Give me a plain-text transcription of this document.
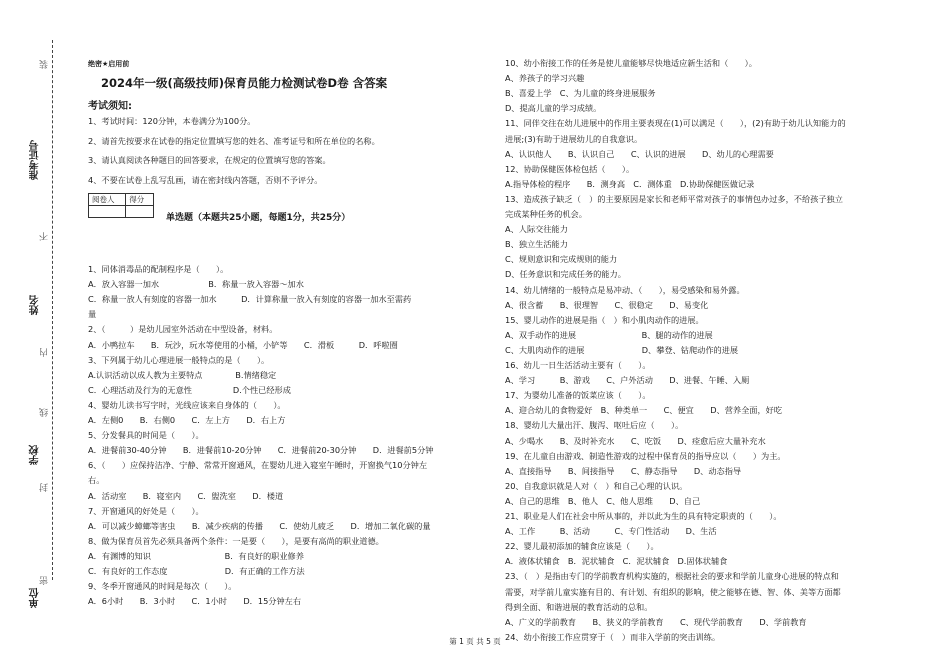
准考证号
姓名
学校
单位
装
不
内
线
封
密
绝密★启用前
2024年一级(高级技师)保育员能力检测试卷D卷 含答案
考试须知:
1、考试时间：120分钟，本卷满分为100分。
2、请首先按要求在试卷的指定位置填写您的姓名、准考证号和所在单位的名称。
3、请认真阅读各种题目的回答要求，在规定的位置填写您的答案。
4、不要在试卷上乱写乱画，请在密封线内答题，否则不予评分。
阅卷人	得分

单选题（本题共25小题，每题1分，共25分）
1、同体消毒品的配制程序是（　　）。
A．放入容器一加水　　　　　　B．称量一放入容器～加水
C．称量一放人有刻度的容器一加水　　　D．计算称量一放入有刻度的容器一加水至需药
量
2、（　　　）是幼儿园室外活动在中型设备，材料。
A．小鸭拉车　　B．玩沙，玩水等使用的小桶，小铲等　　C．滑板　　　D．呼啦圈
3、下列属于幼儿心理进展一般特点的是（　　）。
A.认识活动以成人教为主要特点　　　　B.情绪稳定
C．心理活动及行为的无意性　　　　　D.个性已经形成
4、婴幼儿读书写字时，光线应该来自身体的（　　）。
A．左侧0　　B．右侧0　　C．左上方　　D．右上方
5、分发餐具的时间是（　　）。
A．进餐前30-40分钟　　B．进餐前10-20分钟　　C．进餐前20-30分钟　　D．进餐前5分钟
6、（　　）应保持洁净、宁静、常常开窗通风，在婴幼儿进入寝室午睡时，开窗换气10分钟左
右。
A．活动室　　B．寝室内　　C．盥洗室　　D．楼道
7、开窗通风的好处是（　　）。
A．可以减少蟑螂等害虫　　B．减少疾病的传播　　C．使幼儿疲乏　　D．增加二氧化碳的量
8、做为保育员首先必须具备两个条件：一是要（　　），是要有高尚的职业道德。
A．有渊博的知识　　　　　　　　　B．有良好的职业修养
C．有良好的工作态度　　　　　　　D．有正确的工作方法
9、冬季开窗通风的时间是每次（　　）。
A．6小时　　B．3小时　　C．1小时　　D．15分钟左右
10、幼小衔接工作的任务是使儿童能够尽快地适应新生活和（　　）。
A、养孩子的学习兴趣
B、喜爱上学　C、为儿童的终身进展服务
D、提高儿童的学习成绩。
11、同伴交往在幼儿进展中的作用主要表现在(1)可以满足（　　），(2)有助于幼儿认知能力的
进展;(3)有助于进展幼儿的自我意识。
A、认识他人　　B、认识自己　　C、认识的进展　　D、幼儿的心理需要
12、协助保健医体检包括（　　）。
A.指导体检的程序　　B．测身高　C．测体重　D.协助保健医做记录
13、造成孩子缺乏（　）的主要原因是家长和老师平常对孩子的事情包办过多，不给孩子独立
完成某种任务的机会。
A、人际交往能力
B、独立生活能力
C、规则意识和完成规则的能力
D、任务意识和完成任务的能力。
14、幼儿情绪的一般特点是易冲动、（　　），易受感染和易外露。
A、很含蓄　　B、很理智　　C、很稳定　　D、易变化
15、婴儿动作的进展是指（　）和小肌肉动作的进展。
A、双手动作的进展　　　　　　　　B、腿的动作的进展
C、大肌肉动作的进展　　　　　　　D、攀登、钻爬动作的进展
16、幼儿一日生活活动主要有（　　）。
A、学习　　　B、游戏　　C、户外活动　　D、进餐、午睡、入厕
17、为婴幼儿准备的饭菜应该（　　）。
A、迎合幼儿的食物爱好　B、种类单一　　C、便宜　　D、营养全面，好吃
18、婴幼儿大量出汗、腹泻、呕吐后应（　　）。
A、少喝水　　B、及时补充水　　C、吃饭　　D、痊愈后应大量补充水
19、在儿童自由游戏、制造性游戏的过程中保育员的指导应以（　　）为主。
A、直接指导　　B、间接指导　　C、静态指导　　D、动态指导
20、自我意识就是人对（　）和自己心理的认识。
A、自己的思维　B、他人　C、他人思维　　D、自己
21、职业是人们在社会中所从事的，并以此为生的具有特定职责的（　　）。
A、工作　　　B、活动　　　C、专门性活动　　D、生活
22、婴儿最初添加的辅食应该是（　　）。
A．液体状辅食　B．泥状辅食　C．泥状辅食　D.固体状辅食
23、（　）是指由专门的学前教育机构实施的，根据社会的要求和学前儿童身心进展的特点和
需要，对学前儿童实施有目的、有计划、有组织的影响，使之能够在德、智、体、美等方面都
得到全面、和谐进展的教育活动的总和。
A、广义的学前教育　　B、狭义的学前教育　　C、现代学前教育　　D、学前教育
24、幼小衔接工作应贯穿于（　）而非入学前的突击训练。
第 1 页 共 5 页
